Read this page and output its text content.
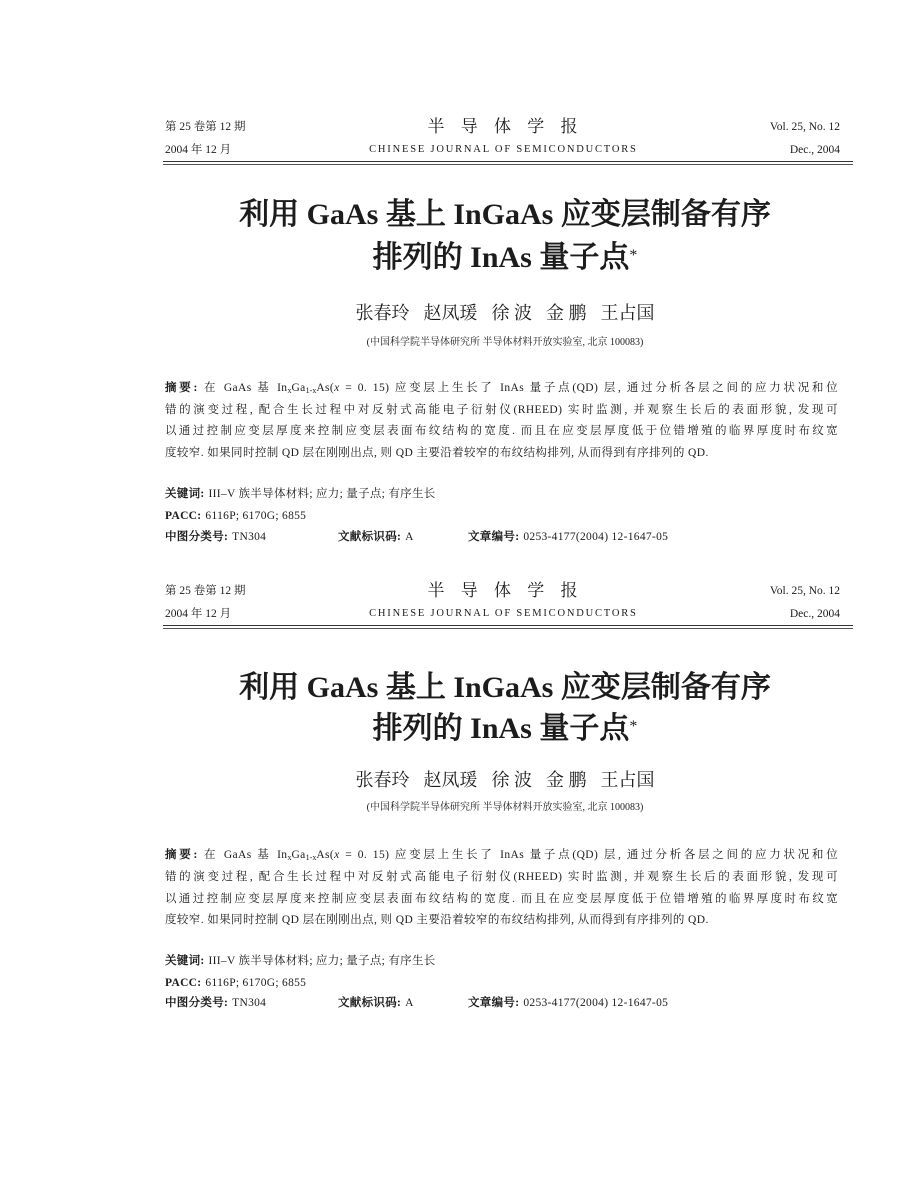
第 25 卷第 12 期	半 导 体 学 报	Vol. 25, No. 12
2004 年 12 月	CHINESE JOURNAL OF SEMICONDUCTORS	Dec., 2004
利用 GaAs 基上 InGaAs 应变层制备有序
排列的 InAs 量子点*
张春玲 赵凤瑗 徐 波 金 鹏 王占国
(中国科学院半导体研究所 半导体材料开放实验室, 北京 100083)
摘要: 在 GaAs 基 $In_xGa_{1-x}As(x = 0$. 15) 应变层上生长了 InAs 量子点(QD) 层, 通过分析各层之间的应力状况和位
错的演变过程, 配合生长过程中对反射式高能电子衍射仪(RHEED) 实时监测, 并观察生长后的表面形貌, 发现可
以通过控制应变层厚度来控制应变层表面布纹结构的宽度. 而且在应变层厚度低于位错增殖的临界厚度时布纹宽
度较窄. 如果同时控制 QD 层在刚刚出点, 则 QD 主要沿着较窄的布纹结构排列, 从而得到有序排列的 QD.
关键词: III–V 族半导体材料; 应力; 量子点; 有序生长
PACC: 6116P; 6170G; 6855
中图分类号: TN304	文献标识码: A	文章编号: 0253-4177(2004) 12-1647-05
第 25 卷第 12 期	半 导 体 学 报	Vol. 25, No. 12
2004 年 12 月	CHINESE JOURNAL OF SEMICONDUCTORS	Dec., 2004
利用 GaAs 基上 InGaAs 应变层制备有序
排列的 InAs 量子点*
张春玲 赵凤瑗 徐 波 金 鹏 王占国
(中国科学院半导体研究所 半导体材料开放实验室, 北京 100083)
摘要: 在 GaAs 基 $In_xGa_{1-x}As(x = 0$. 15) 应变层上生长了 InAs 量子点(QD) 层, 通过分析各层之间的应力状况和位
错的演变过程, 配合生长过程中对反射式高能电子衍射仪(RHEED) 实时监测, 并观察生长后的表面形貌, 发现可
以通过控制应变层厚度来控制应变层表面布纹结构的宽度. 而且在应变层厚度低于位错增殖的临界厚度时布纹宽
度较窄. 如果同时控制 QD 层在刚刚出点, 则 QD 主要沿着较窄的布纹结构排列, 从而得到有序排列的 QD.
关键词: III–V 族半导体材料; 应力; 量子点; 有序生长
PACC: 6116P; 6170G; 6855
中图分类号: TN304	文献标识码: A	文章编号: 0253-4177(2004) 12-1647-05
